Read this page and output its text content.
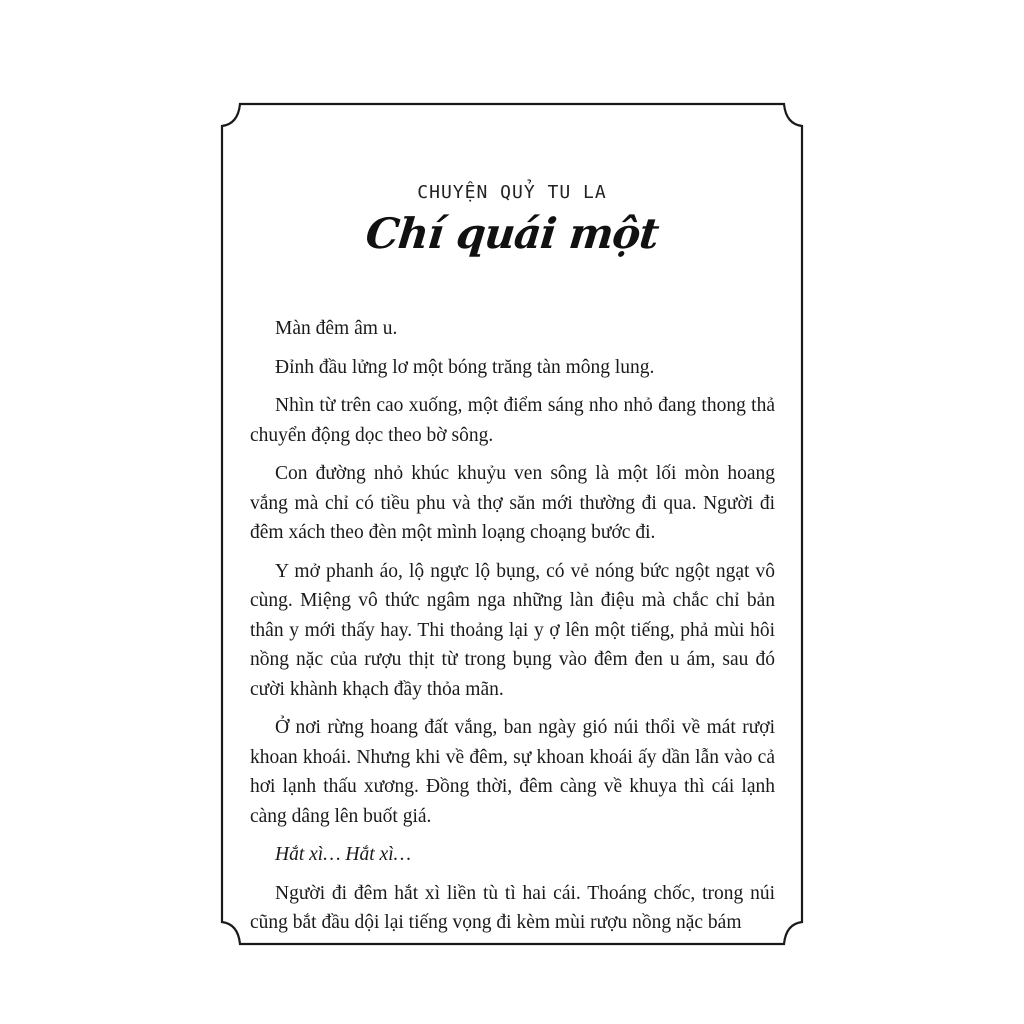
CHUYỆN QUỶ TU LA
Chí quái một

Màn đêm âm u.

Đỉnh đầu lửng lơ một bóng trăng tàn mông lung.

Nhìn từ trên cao xuống, một điểm sáng nho nhỏ đang thong thả chuyển động dọc theo bờ sông.

Con đường nhỏ khúc khuỷu ven sông là một lối mòn hoang vắng mà chỉ có tiều phu và thợ săn mới thường đi qua. Người đi đêm xách theo đèn một mình loạng choạng bước đi.

Y mở phanh áo, lộ ngực lộ bụng, có vẻ nóng bức ngột ngạt vô cùng. Miệng vô thức ngâm nga những làn điệu mà chắc chỉ bản thân y mới thấy hay. Thi thoảng lại y ợ lên một tiếng, phả mùi hôi nồng nặc của rượu thịt từ trong bụng vào đêm đen u ám, sau đó cười khành khạch đầy thỏa mãn.

Ở nơi rừng hoang đất vắng, ban ngày gió núi thổi về mát rượi khoan khoái. Nhưng khi về đêm, sự khoan khoái ấy dần lẫn vào cả hơi lạnh thấu xương. Đồng thời, đêm càng về khuya thì cái lạnh càng dâng lên buốt giá.

Hắt xì… Hắt xì…

Người đi đêm hắt xì liền tù tì hai cái. Thoáng chốc, trong núi cũng bắt đầu dội lại tiếng vọng đi kèm mùi rượu nồng nặc bám
